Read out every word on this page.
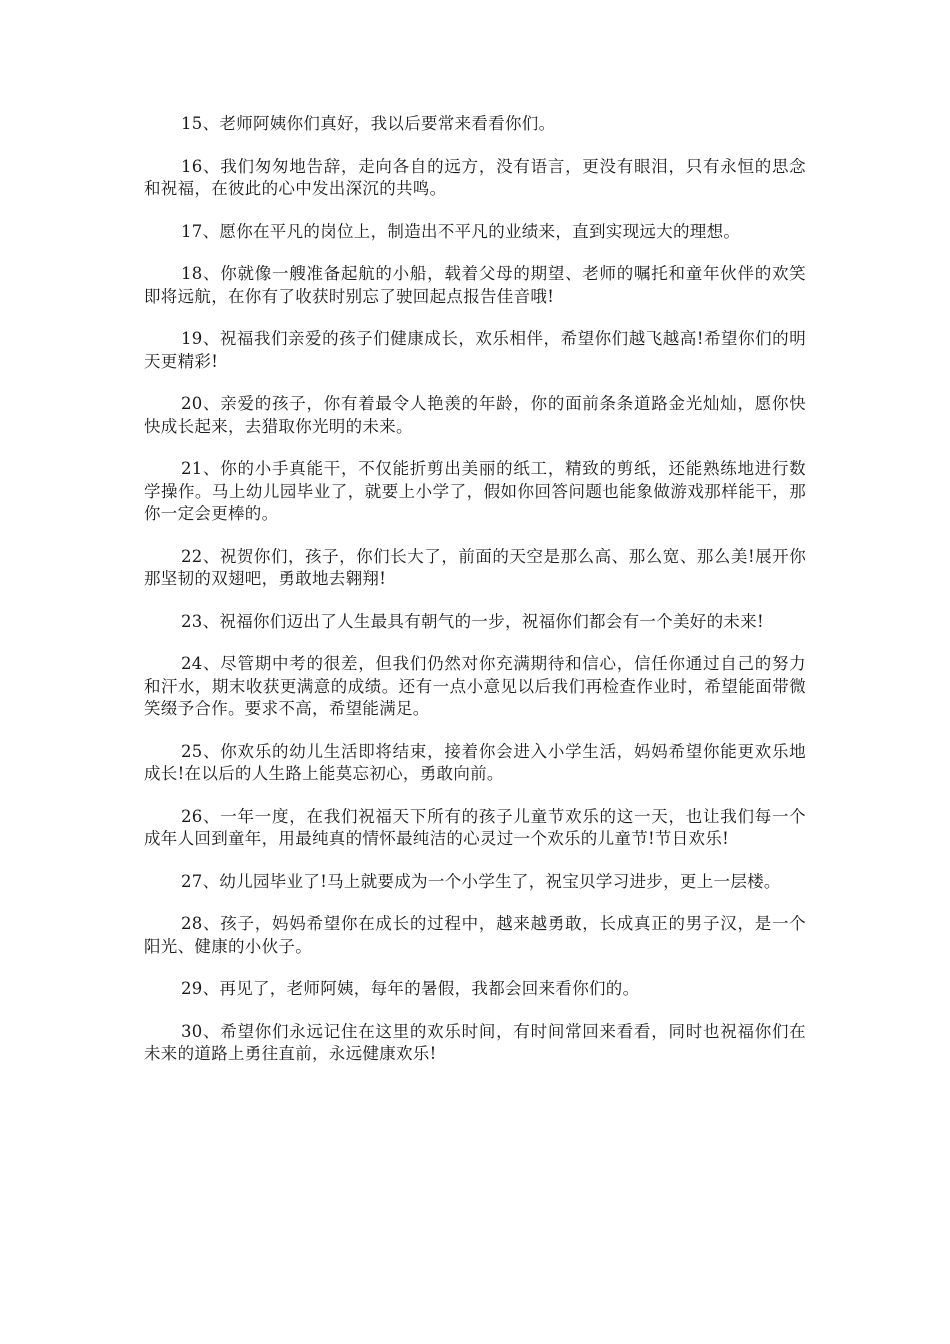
15、老师阿姨你们真好，我以后要常来看看你们。

16、我们匆匆地告辞，走向各自的远方，没有语言，更没有眼泪，只有永恒的思念和祝福，在彼此的心中发出深沉的共鸣。

17、愿你在平凡的岗位上，制造出不平凡的业绩来，直到实现远大的理想。

18、你就像一艘准备起航的小船，载着父母的期望、老师的嘱托和童年伙伴的欢笑即将远航，在你有了收获时别忘了驶回起点报告佳音哦!

19、祝福我们亲爱的孩子们健康成长，欢乐相伴，希望你们越飞越高!希望你们的明天更精彩!

20、亲爱的孩子，你有着最令人艳羡的年龄，你的面前条条道路金光灿灿，愿你快快成长起来，去猎取你光明的未来。

21、你的小手真能干，不仅能折剪出美丽的纸工，精致的剪纸，还能熟练地进行数学操作。马上幼儿园毕业了，就要上小学了，假如你回答问题也能象做游戏那样能干，那你一定会更棒的。

22、祝贺你们，孩子，你们长大了，前面的天空是那么高、那么宽、那么美!展开你那坚韧的双翅吧，勇敢地去翱翔!

23、祝福你们迈出了人生最具有朝气的一步，祝福你们都会有一个美好的未来!

24、尽管期中考的很差，但我们仍然对你充满期待和信心，信任你通过自己的努力和汗水，期末收获更满意的成绩。还有一点小意见以后我们再检查作业时，希望能面带微笑缀予合作。要求不高，希望能满足。

25、你欢乐的幼儿生活即将结束，接着你会进入小学生活，妈妈希望你能更欢乐地成长!在以后的人生路上能莫忘初心，勇敢向前。

26、一年一度，在我们祝福天下所有的孩子儿童节欢乐的这一天，也让我们每一个成年人回到童年，用最纯真的情怀最纯洁的心灵过一个欢乐的儿童节!节日欢乐!

27、幼儿园毕业了!马上就要成为一个小学生了，祝宝贝学习进步，更上一层楼。

28、孩子，妈妈希望你在成长的过程中，越来越勇敢，长成真正的男子汉，是一个阳光、健康的小伙子。

29、再见了，老师阿姨，每年的暑假，我都会回来看你们的。

30、希望你们永远记住在这里的欢乐时间，有时间常回来看看，同时也祝福你们在未来的道路上勇往直前，永远健康欢乐!
